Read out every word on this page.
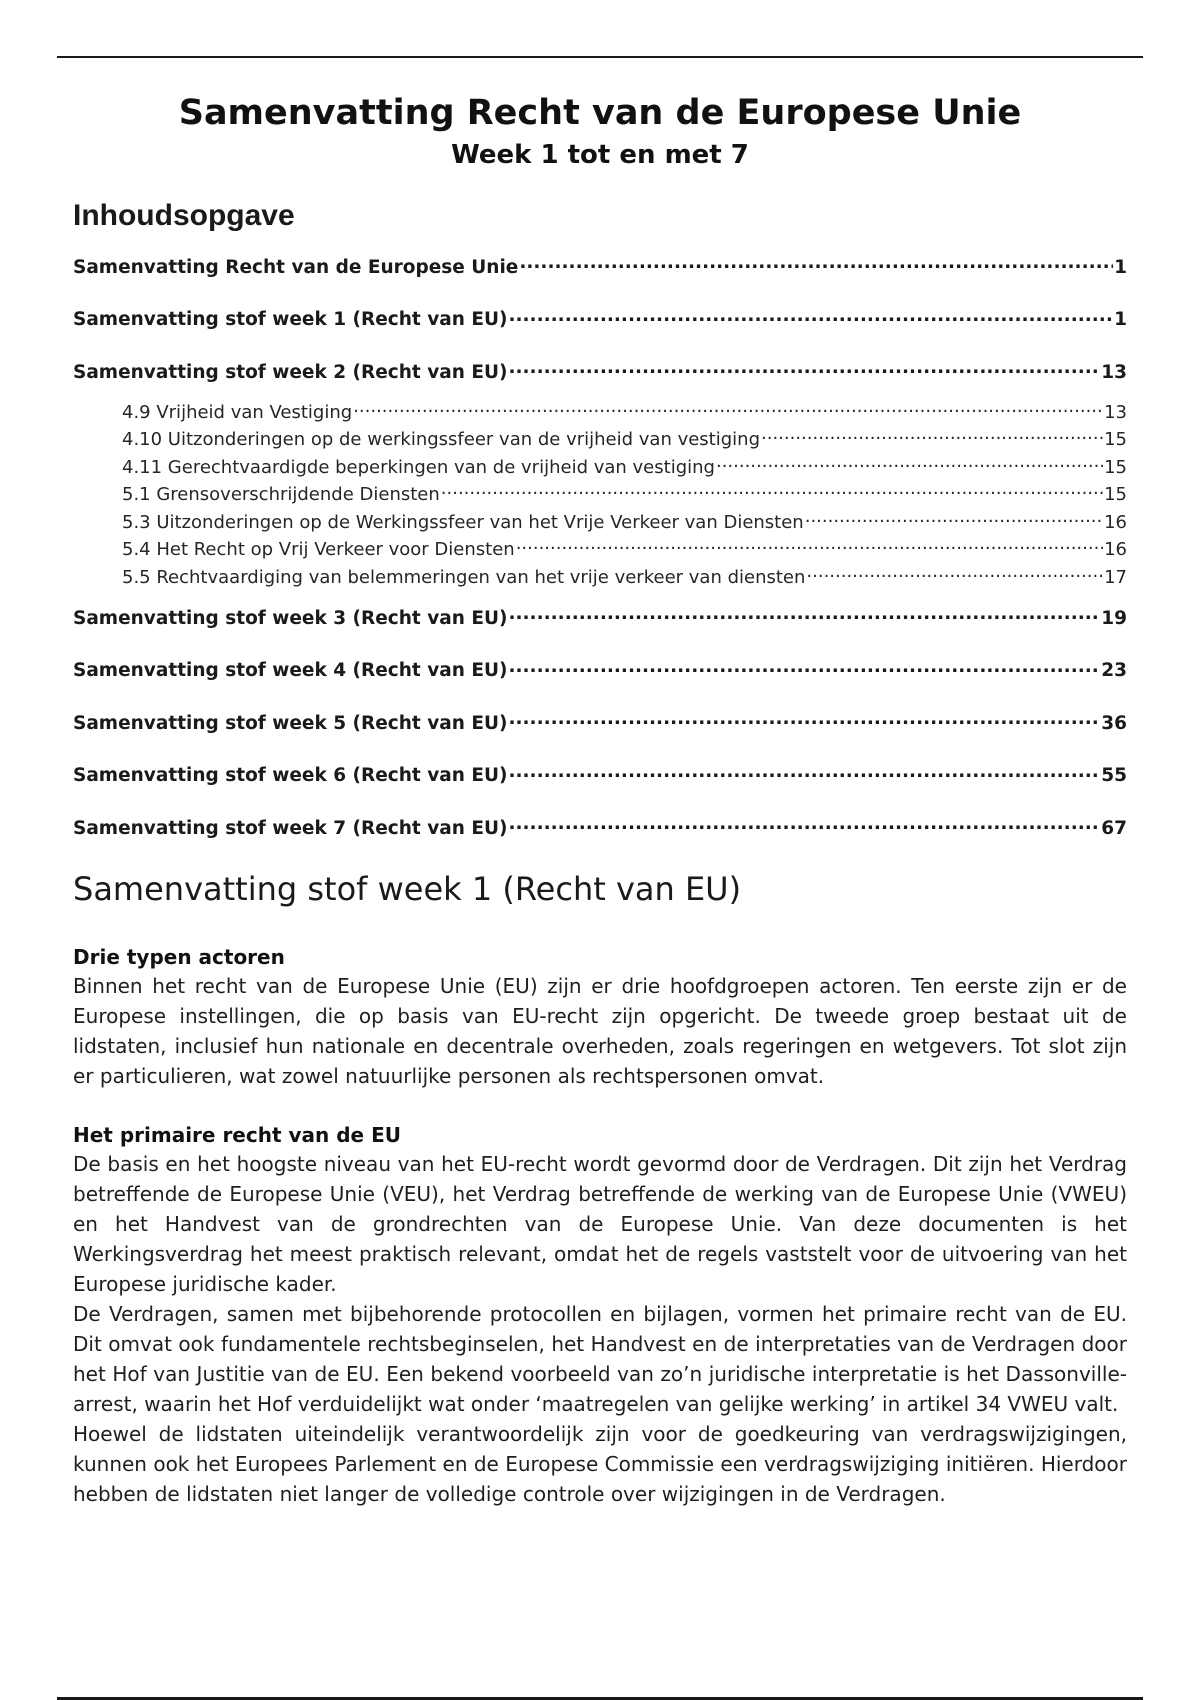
Samenvatting Recht van de Europese Unie
Week 1 tot en met 7
Inhoudsopgave
Samenvatting Recht van de Europese Unie .....	1
Samenvatting stof week 1 (Recht van EU) .....	1
Samenvatting stof week 2 (Recht van EU) .....	13
4.9 Vrijheid van Vestiging .....	13
4.10 Uitzonderingen op de werkingssfeer van de vrijheid van vestiging .....	15
4.11 Gerechtvaardigde beperkingen van de vrijheid van vestiging .....	15
5.1 Grensoverschrijdende Diensten .....	15
5.3 Uitzonderingen op de Werkingssfeer van het Vrije Verkeer van Diensten .....	16
5.4 Het Recht op Vrij Verkeer voor Diensten .....	16
5.5 Rechtvaardiging van belemmeringen van het vrije verkeer van diensten .....	17
Samenvatting stof week 3 (Recht van EU) .....	19
Samenvatting stof week 4 (Recht van EU) .....	23
Samenvatting stof week 5 (Recht van EU) .....	36
Samenvatting stof week 6 (Recht van EU) .....	55
Samenvatting stof week 7 (Recht van EU) .....	67
Samenvatting stof week 1 (Recht van EU)
Drie typen actoren

Binnen het recht van de Europese Unie (EU) zijn er drie hoofdgroepen actoren. Ten eerste zijn er de Europese instellingen, die op basis van EU-recht zijn opgericht. De tweede groep bestaat uit de lidstaten, inclusief hun nationale en decentrale overheden, zoals regeringen en wetgevers. Tot slot zijn er particulieren, wat zowel natuurlijke personen als rechtspersonen omvat.

Het primaire recht van de EU

De basis en het hoogste niveau van het EU-recht wordt gevormd door de Verdragen. Dit zijn het Verdrag betreffende de Europese Unie (VEU), het Verdrag betreffende de werking van de Europese Unie (VWEU) en het Handvest van de grondrechten van de Europese Unie. Van deze documenten is het Werkingsverdrag het meest praktisch relevant, omdat het de regels vaststelt voor de uitvoering van het Europese juridische kader.

De Verdragen, samen met bijbehorende protocollen en bijlagen, vormen het primaire recht van de EU. Dit omvat ook fundamentele rechtsbeginselen, het Handvest en de interpretaties van de Verdragen door het Hof van Justitie van de EU. Een bekend voorbeeld van zo’n juridische interpretatie is het Dassonville-arrest, waarin het Hof verduidelijkt wat onder ‘maatregelen van gelijke werking’ in artikel 34 VWEU valt.

Hoewel de lidstaten uiteindelijk verantwoordelijk zijn voor de goedkeuring van verdragswijzigingen, kunnen ook het Europees Parlement en de Europese Commissie een verdragswijziging initiëren. Hierdoor hebben de lidstaten niet langer de volledige controle over wijzigingen in de Verdragen.
